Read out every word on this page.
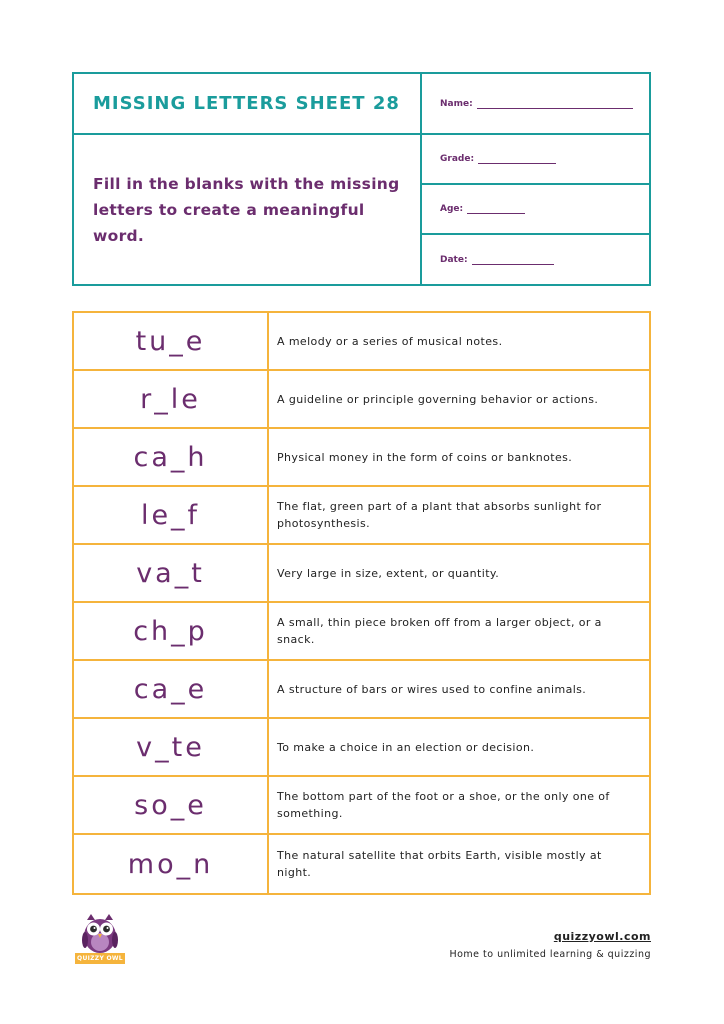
MISSING LETTERS SHEET 28
Fill in the blanks with the missing letters to create a meaningful word.
Name:
Grade:
Age:
Date:
tu_e	A melody or a series of musical notes.
r_le	A guideline or principle governing behavior or actions.
ca_h	Physical money in the form of coins or banknotes.
le_f	The flat, green part of a plant that absorbs sunlight for photosynthesis.
va_t	Very large in size, extent, or quantity.
ch_p	A small, thin piece broken off from a larger object, or a snack.
ca_e	A structure of bars or wires used to confine animals.
v_te	To make a choice in an election or decision.
so_e	The bottom part of the foot or a shoe, or the only one of something.
mo_n	The natural satellite that orbits Earth, visible mostly at night.
QUIZZY OWL
quizzyowl.com
Home to unlimited learning & quizzing
